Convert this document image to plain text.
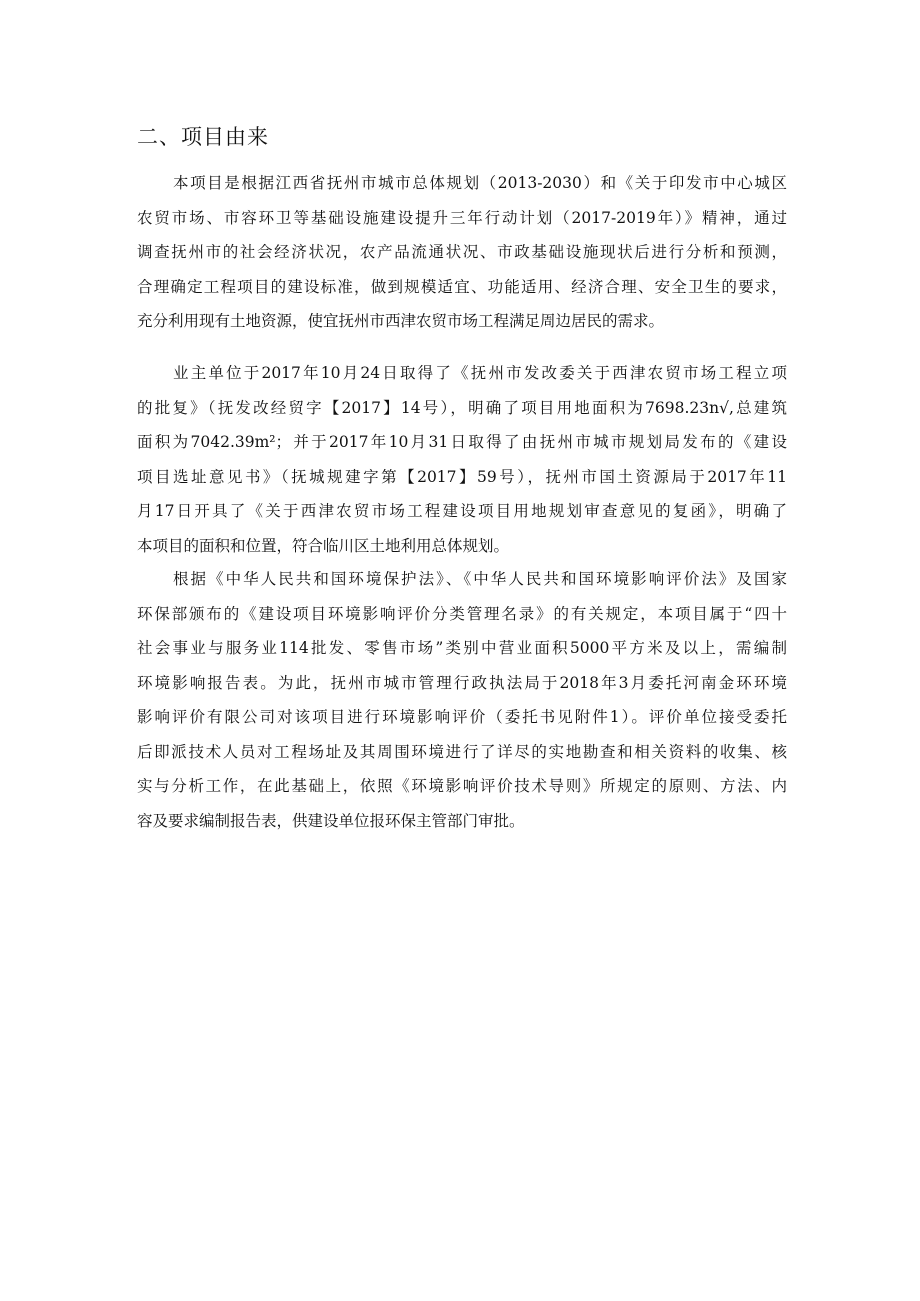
二、项目由来
本项目是根据江西省抚州市城市总体规划（2013-2030）和《关于印发市中心城区
农贸市场、市容环卫等基础设施建设提升三年行动计划（2017-2019年）》精神，通过
调查抚州市的社会经济状况，农产品流通状况、市政基础设施现状后进行分析和预测，
合理确定工程项目的建设标准，做到规模适宜、功能适用、经济合理、安全卫生的要求，
充分利用现有土地资源，使宜抚州市西津农贸市场工程满足周边居民的需求。
业主单位于2017年10月24日取得了《抚州市发改委关于西津农贸市场工程立项
的批复》（抚发改经贸字【2017】14号），明确了项目用地面积为7698.23n√,总建筑
面积为7042.39m²；并于2017年10月31日取得了由抚州市城市规划局发布的《建设
项目选址意见书》（抚城规建字第【2017】59号），抚州市国土资源局于2017年11
月17日开具了《关于西津农贸市场工程建设项目用地规划审查意见的复函》，明确了
本项目的面积和位置，符合临川区土地利用总体规划。
根据《中华人民共和国环境保护法》、《中华人民共和国环境影响评价法》及国家
环保部颁布的《建设项目环境影响评价分类管理名录》的有关规定，本项目属于“四十
社会事业与服务业114批发、零售市场”类别中营业面积5000平方米及以上，需编制
环境影响报告表。为此，抚州市城市管理行政执法局于2018年3月委托河南金环环境
影响评价有限公司对该项目进行环境影响评价（委托书见附件1）。评价单位接受委托
后即派技术人员对工程场址及其周围环境进行了详尽的实地勘查和相关资料的收集、核
实与分析工作，在此基础上，依照《环境影响评价技术导则》所规定的原则、方法、内
容及要求编制报告表，供建设单位报环保主管部门审批。
